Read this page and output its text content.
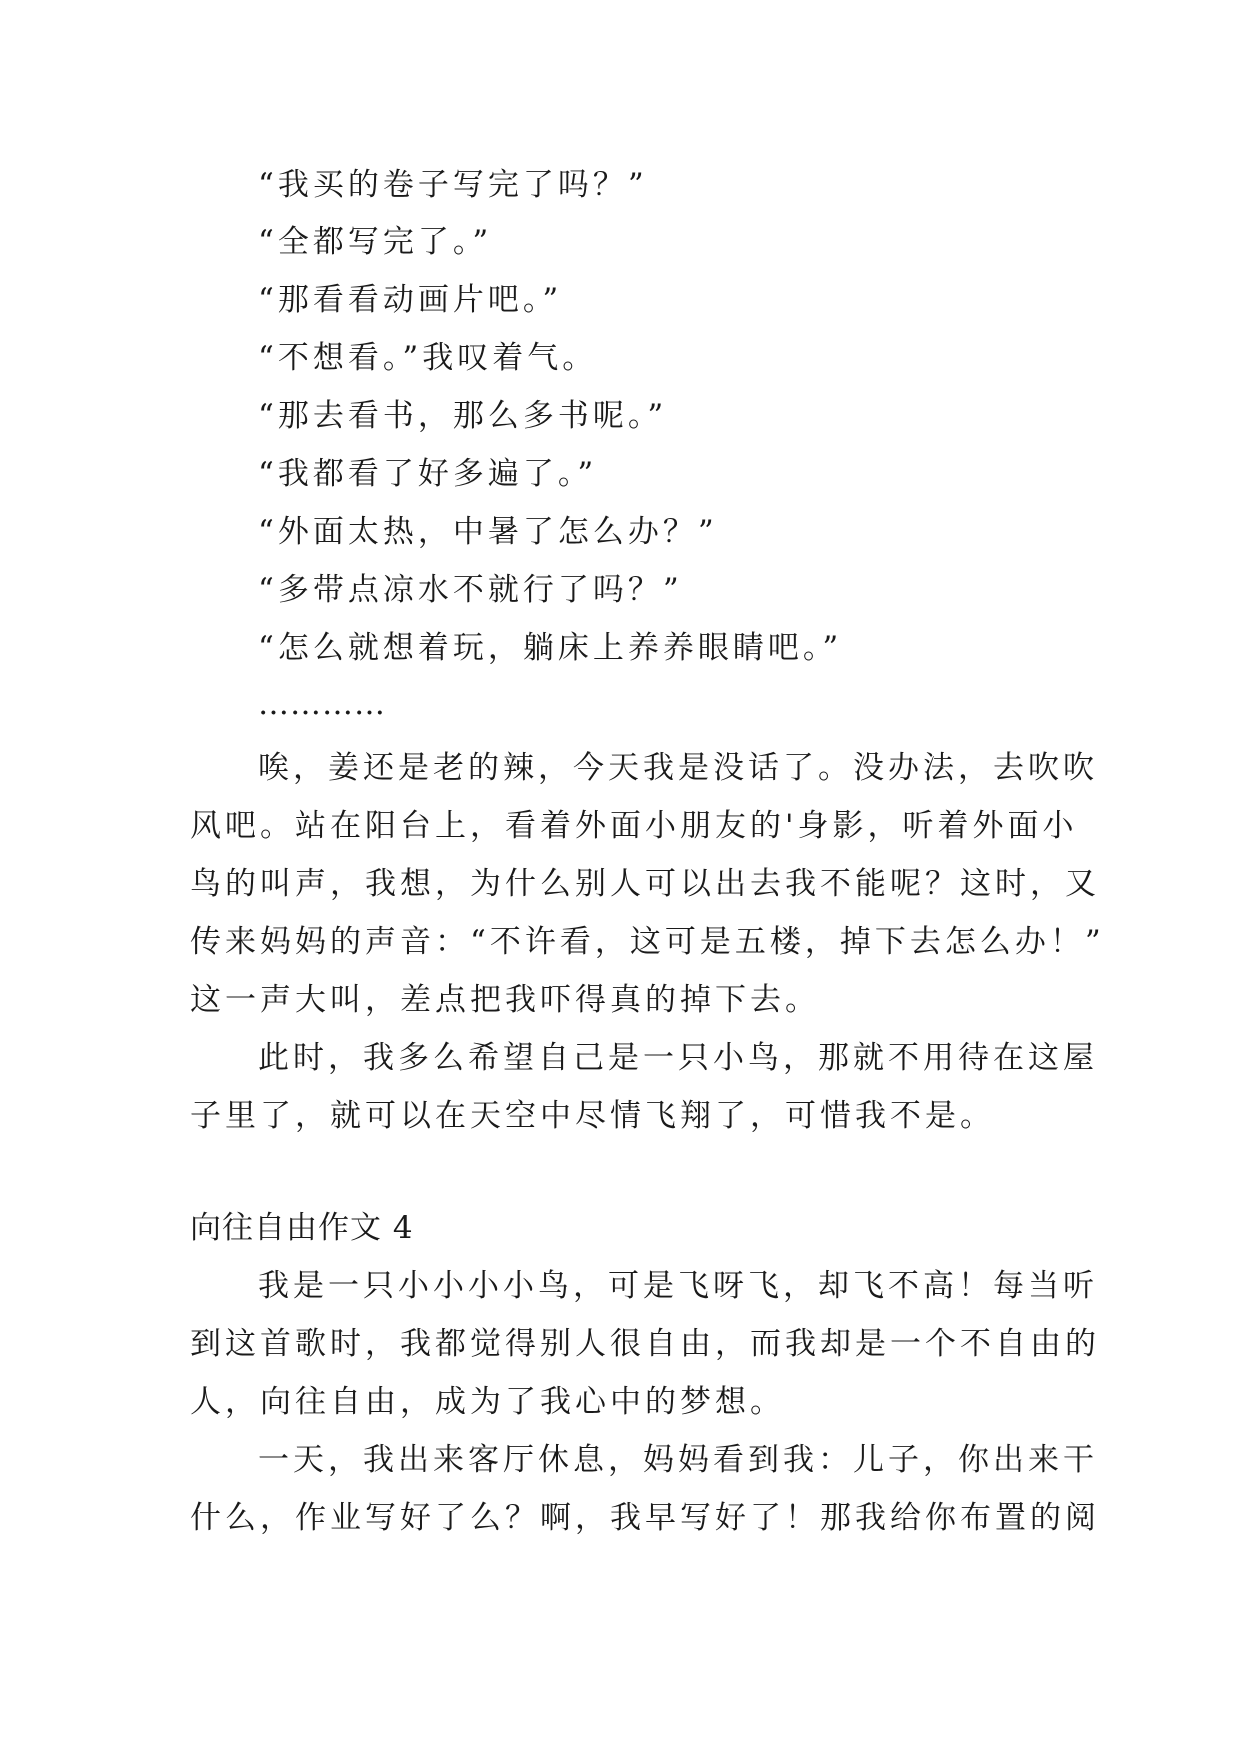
“我买的卷子写完了吗？”
“全都写完了。”
“那看看动画片吧。”
“不想看。”我叹着气。
“那去看书，那么多书呢。”
“我都看了好多遍了。”
“外面太热，中暑了怎么办？”
“多带点凉水不就行了吗？”
“怎么就想着玩，躺床上养养眼睛吧。”
…………
唉，姜还是老的辣，今天我是没话了。没办法，去吹吹
风吧。站在阳台上，看着外面小朋友的'身影，听着外面小
鸟的叫声，我想，为什么别人可以出去我不能呢？这时，又
传来妈妈的声音：“不许看，这可是五楼，掉下去怎么办！”
这一声大叫，差点把我吓得真的掉下去。
此时，我多么希望自己是一只小鸟，那就不用待在这屋
子里了，就可以在天空中尽情飞翔了，可惜我不是。
向往自由作文 4
我是一只小小小小鸟，可是飞呀飞，却飞不高！每当听
到这首歌时，我都觉得别人很自由，而我却是一个不自由的
人，向往自由，成为了我心中的梦想。
一天，我出来客厅休息，妈妈看到我：儿子，你出来干
什么，作业写好了么？啊，我早写好了！那我给你布置的阅
